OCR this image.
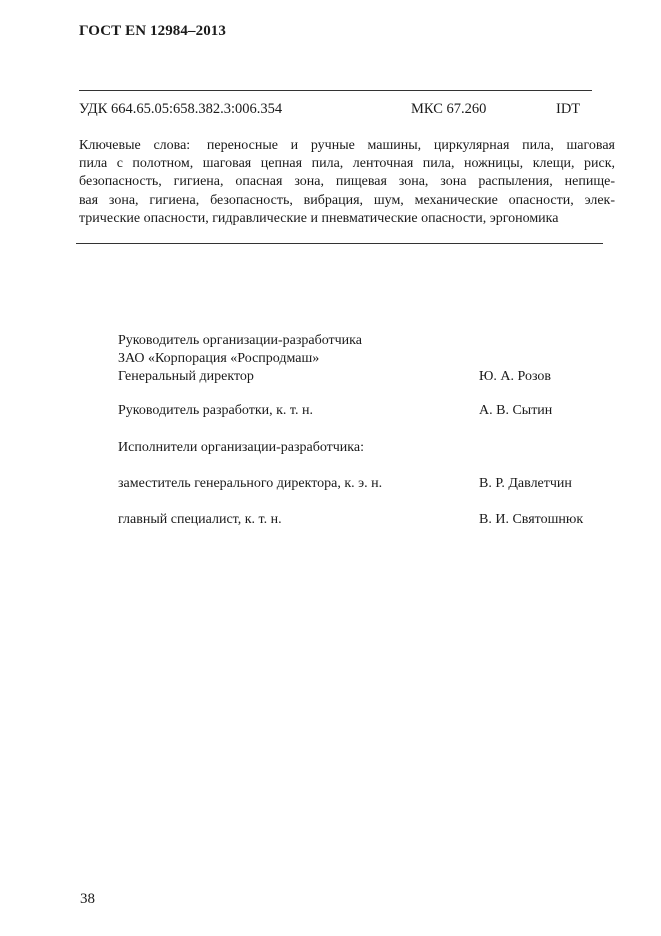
ГОСТ EN 12984–2013
УДК 664.65.05:658.382.3:006.354	МКС 67.260	IDT
Ключевые слова: переносные и ручные машины, циркулярная пила, шаговая
пила с полотном, шаговая цепная пила, ленточная пила, ножницы, клещи, риск,
безопасность, гигиена, опасная зона, пищевая зона, зона распыления, непище-
вая зона, гигиена, безопасность, вибрация, шум, механические опасности, элек-
трические опасности, гидравлические и пневматические опасности, эргономика
Руководитель организации-разработчика
ЗАО «Корпорация «Роспродмаш»
Генеральный директор	Ю. А. Розов
Руководитель разработки, к. т. н.	А. В. Сытин
Исполнители организации-разработчика:
заместитель генерального директора, к. э. н.	В. Р. Давлетчин
главный специалист, к. т. н.	В. И. Святошнюк
38
